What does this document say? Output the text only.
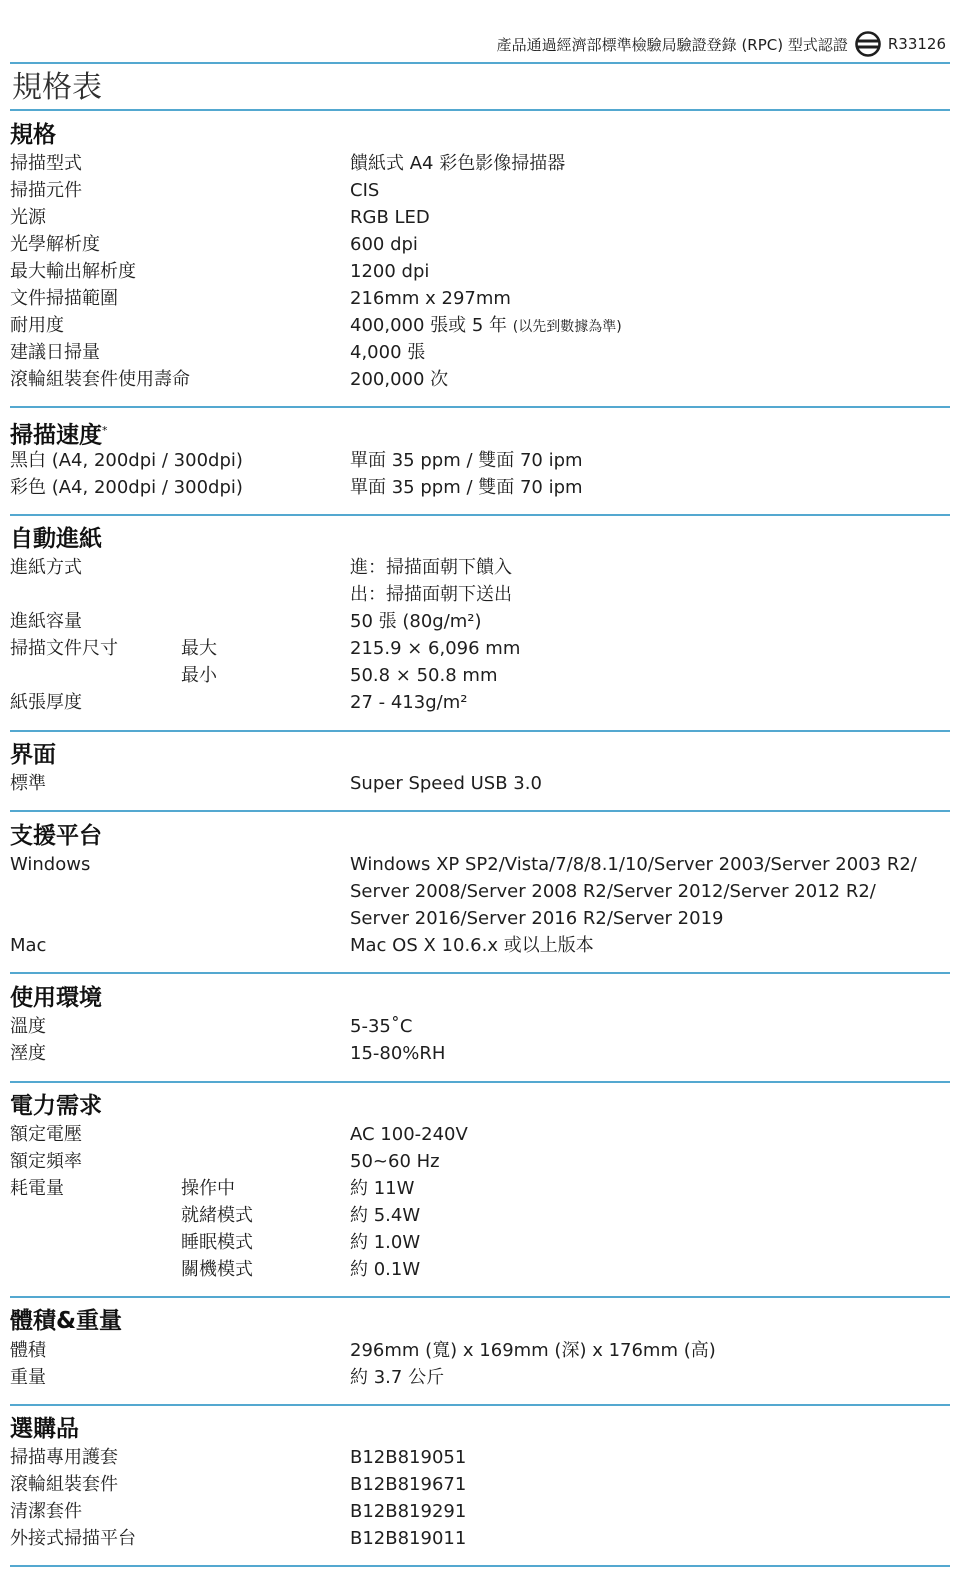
產品通過經濟部標準檢驗局驗證登錄 (RPC) 型式認證	R33126
規格表
規格
掃描型式	饋紙式 A4 彩色影像掃描器
掃描元件	CIS
光源	RGB LED
光學解析度	600 dpi
最大輸出解析度	1200 dpi
文件掃描範圍	216mm x 297mm
耐用度	400,000 張或 5 年 (以先到數據為準)
建議日掃量	4,000 張
滾輪組裝套件使用壽命	200,000 次
掃描速度*
黑白 (A4, 200dpi / 300dpi)	單面 35 ppm / 雙面 70 ipm
彩色 (A4, 200dpi / 300dpi)	單面 35 ppm / 雙面 70 ipm
自動進紙
進紙方式	進：掃描面朝下饋入
出：掃描面朝下送出
進紙容量	50 張 (80g/m²)
掃描文件尺寸	最大	215.9 × 6,096 mm
最小	50.8 × 50.8 mm
紙張厚度	27 - 413g/m²
界面
標準	Super Speed USB 3.0
支援平台
Windows	Windows XP SP2/Vista/7/8/8.1/10/Server 2003/Server 2003 R2/
Server 2008/Server 2008 R2/Server 2012/Server 2012 R2/
Server 2016/Server 2016 R2/Server 2019
Mac	Mac OS X 10.6.x 或以上版本
使用環境
溫度	5-35˚C
溼度	15-80%RH
電力需求
額定電壓	AC 100-240V
額定頻率	50~60 Hz
耗電量	操作中	約 11W
就緒模式	約 5.4W
睡眠模式	約 1.0W
關機模式	約 0.1W
體積&重量
體積	296mm (寬) x 169mm (深) x 176mm (高)
重量	約 3.7 公斤
選購品
掃描專用護套	B12B819051
滾輪組裝套件	B12B819671
清潔套件	B12B819291
外接式掃描平台	B12B819011
